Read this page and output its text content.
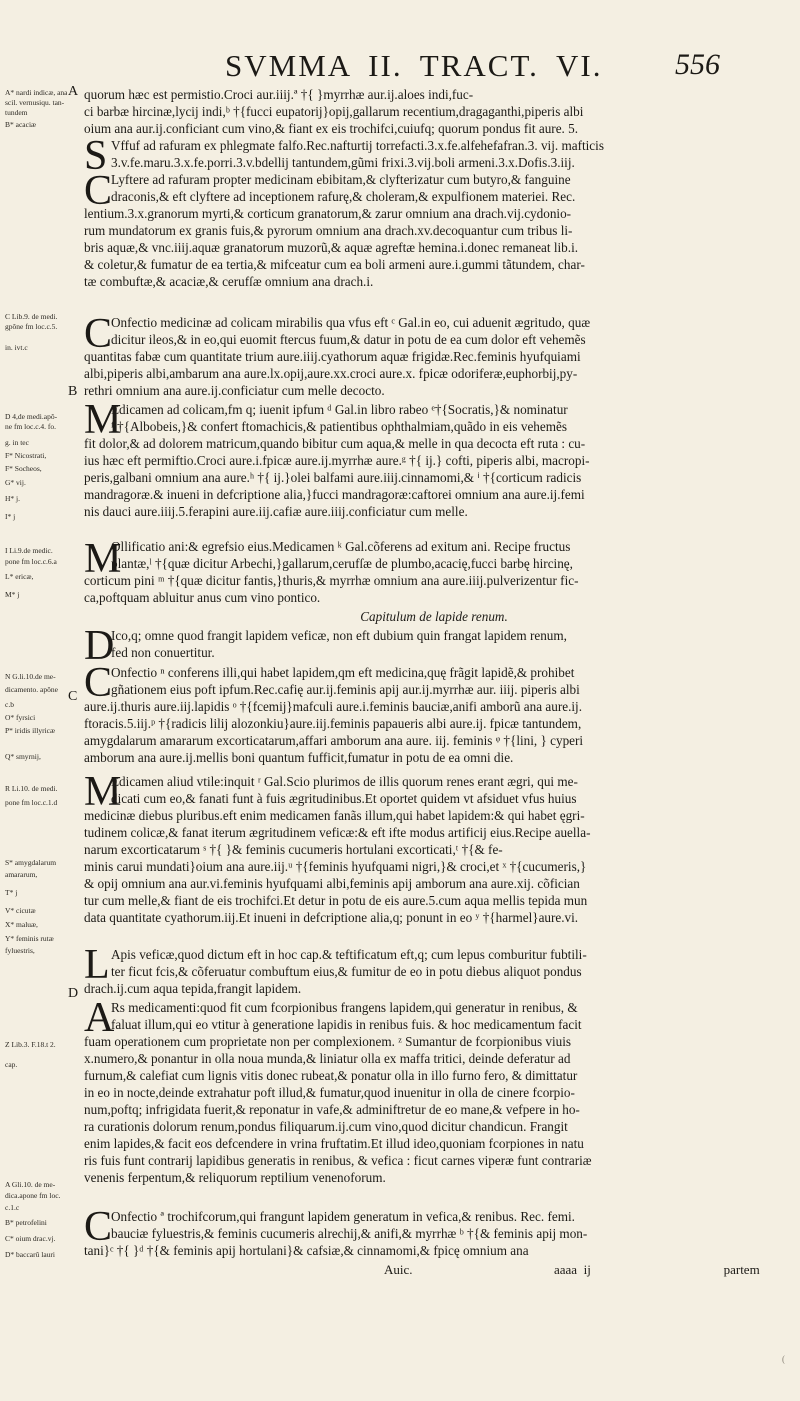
SVMMA II. TRACT. VI. 556
A* nardi indicæ, ana
scil. vernusiqu. tan-
tundem
B* acaciæ
C Lib.9. de medi.
gpõne fm loc.c.5.
in. ivt.c
D 4,de medi.apõ-
ne fm loc.c.4. fo.
g. in tec
F* Nicostrati,
F* Socheos,
G* vij.
H* j.
I* j
I Li.9.de medic.
pone fm loc.c.6.a
L* ericæ,
M* j
N G.li.10.de me-
dicamento. apõne
c.b
O* fyrsici
P* iridis illyricæ
Q* smyrnij,
R Li.10. de medi.
pone fm loc.c.1.d
S* amygdalarum
amararum,
T* j
V* cicutæ
X* maluæ,
Y* feminis rutæ
fyluestris,
Z Lib.3. F.18.t 2.
cap.
A Gli.10. de me-
dica.apone fm loc.
c.1.c
B* petrofelini
C* oium drac.vj.
D* baccarũ lauri
A
B
C
D
quorum hæc est permistio.Croci aur.iiij.ª †{ }myrrhæ aur.ij.aloes indi,fuc-
ci barbæ hircinæ,lycij indi,ᵇ †{fucci eupatorij}opij,gallarum recentium,dragaganthi,piperis albi
oium ana aur.ij.conficiant cum vino,& fiant ex eis trochifci,cuiufq; quorum pondus fit aure. 5.
S Vffuf ad rafuram ex phlegmate falfo.Rec.nafturtij torrefacti.3.x.fe.alfehefafran.3. vij. mafticis
3.v.fe.maru.3.x.fe.porri.3.v.bdellij tantundem,gũmi frixi.3.vij.boli armeni.3.x.Dofis.3.iij.
C
Lyftere ad rafuram propter medicinam ebibitam,& clyfterizatur cum butyro,& fanguine
draconis,& eft clyftere ad inceptionem rafurę,& choleram,& expulfionem materiei. Rec.
lentium.3.x.granorum myrti,& corticum granatorum,& zarur omnium ana drach.vij.cydonio-
rum mundatorum ex granis fuis,& pyrorum omnium ana drach.xv.decoquantur cum tribus li-
bris aquæ,& vnc.iiij.aquæ granatorum muzorũ,& aquæ agreftæ hemina.i.donec remaneat lib.i.
& coletur,& fumatur de ea tertia,& mifceatur cum ea boli armeni aure.i.gummi tãtundem, char-
tæ combuftæ,& acaciæ,& cerufſæ omnium ana drach.i.
C
Onfectio medicinæ ad colicam mirabilis qua vfus eft ᶜ Gal.in eo, cui aduenit ægritudo, quæ
dicitur ileos,& in eo,qui euomit ftercus fuum,& datur in potu de ea cum dolor eft vehemẽs
quantitas fabæ cum quantitate trium aure.iiij.cyathorum aquæ frigidæ.Rec.feminis hyufquiami
albi,piperis albi,ambarum ana aure.lx.opij,aure.xx.croci aure.x. fpicæ odoriferæ,euphorbij,py-
rethri omnium ana aure.ij.conficiatur cum melle decocto.
M
Edicamen ad colicam,fm q; iuenit ipfum ᵈ Gal.in libro rabeo ᵉ†{Socratis,}& nominatur
ᶠ †{Albobeis,}& confert ftomachicis,& patientibus ophthalmiam,quãdo in eis vehemẽs
fit dolor,& ad dolorem matricum,quando bibitur cum aqua,& melle in qua decocta eft ruta : cu-
ius hæc eft permiftio.Croci aure.i.fpicæ aure.ij.myrrhæ aure.ᵍ †{ ij.} cofti, piperis albi, macropi-
peris,galbani omnium ana aure.ʰ †{ ij.}olei balfami aure.iiij.cinnamomi,& ⁱ †{corticum radicis
mandragoræ.& inueni in defcriptione alia,}fucci mandragoræ:caftorei omnium ana aure.ij.femi
nis dauci aure.iiij.5.ferapini aure.iij.cafiæ aure.iiij.conficiatur cum melle.
M
Ollificatio ani:& egrefsio eius.Medicamen ᵏ Gal.cõferens ad exitum ani. Recipe fructus
plantæ,ˡ †{quæ dicitur Arbechi,}gallarum,cerufſæ de plumbo,acacię,fucci barbę hircinę,
corticum pini ᵐ †{quæ dicitur fantis,}thuris,& myrrhæ omnium ana aure.iiij.pulverizentur fic-
ca,poftquam abluitur anus cum vino pontico.
Capitulum de lapide renum.
D
Ico,q; omne quod frangit lapidem veficæ, non eft dubium quin frangat lapidem renum,
fed non conuertitur.
C
Onfectio ⁿ conferens illi,qui habet lapidem,qm eft medicina,quę frãgit lapidẽ,& prohibet
gñationem eius poft ipfum.Rec.cafię aur.ij.feminis apij aur.ij.myrrhæ aur. iiij. piperis albi
aure.ij.thuris aure.iij.lapidis ᵒ †{fcemij}mafculi aure.i.feminis bauciæ,anifi amborũ ana aure.ij.
ftoracis.5.iij.ᵖ †{radicis lilij alozonkiu}aure.iij.feminis papaueris albi aure.ij. fpicæ tantundem,
amygdalarum amararum excorticatarum,affari amborum ana aure. iij. feminis ᵠ †{lini, } cyperi
amborum ana aure.ij.mellis boni quantum fufficit,fumatur in potu de ea omni die.
M
Edicamen aliud vtile:inquit ʳ Gal.Scio plurimos de illis quorum renes erant ægri, qui me-
dicati cum eo,& fanati funt à fuis ægritudinibus.Et oportet quidem vt afsiduet vfus huius
medicinæ diebus pluribus.eft enim medicamen fanãs illum,qui habet lapidem:& qui habet ęgri-
tudinem colicæ,& fanat iterum ægritudinem veficæ:& eft ifte modus artificij eius.Recipe auella-
narum excorticatarum ˢ †{ }& feminis cucumeris hortulani excorticati,ᵗ †{& fe-
minis carui mundati}oium ana aure.iij.ᵘ †{feminis hyufquami nigri,}& croci,et ˣ †{cucumeris,}
& opij omnium ana aur.vi.feminis hyufquami albi,feminis apij amborum ana aure.xij. cõfician
tur cum melle,& fiant de eis trochifci.Et detur in potu de eis aure.5.cum aqua mellis tepida mun
data quantitate cyathorum.iij.Et inueni in defcriptione alia,q; ponunt in eo ʸ †{harmel}aure.vi.
L Apis veficæ,quod dictum eft in hoc cap.& teftificatum eft,q; cum lepus comburitur fubtili-
ter ficut fcis,& cõferuatur combuftum eius,& fumitur de eo in potu diebus aliquot pondus
drach.ij.cum aqua tepida,frangit lapidem.
A
Rs medicamenti:quod fit cum fcorpionibus frangens lapidem,qui generatur in renibus, &
faluat illum,qui eo vtitur à generatione lapidis in renibus fuis. & hoc medicamentum facit
fuam operationem cum proprietate non per complexionem. ᶻ Sumantur de fcorpionibus viuis
x.numero,& ponantur in olla noua munda,& liniatur olla ex maffa tritici, deinde deferatur ad
furnum,& calefiat cum lignis vitis donec rubeat,& ponatur olla in illo furno fero, & dimittatur
in eo in nocte,deinde extrahatur poft illud,& fumatur,quod inuenitur in olla de cinere fcorpio-
num,poftq; infrigidata fuerit,& reponatur in vafe,& adminiftretur de eo mane,& vefpere in ho-
ra curationis dolorum renum,pondus filiquarum.ij.cum vino,quod dicitur chandicun. Frangit
enim lapides,& facit eos defcendere in vrina fruftatim.Et illud ideo,quoniam fcorpiones in natu
ris fuis funt contrarij lapidibus generatis in renibus, & vefica : ficut carnes viperæ funt contrariæ
venenis ferpentum,& reliquorum reptilium venenoforum.
C
Onfectio ª trochifcorum,qui frangunt lapidem generatum in vefica,& renibus. Rec. femi.
bauciæ fyluestris,& feminis cucumeris alrechij,& anifi,& myrrhæ ᵇ †{& feminis apij mon-
tani}ᶜ †{ }ᵈ †{& feminis apij hortulani}& cafsiæ,& cinnamomi,& fpicę omnium ana
Auic.	aaaa ij	partem
(
